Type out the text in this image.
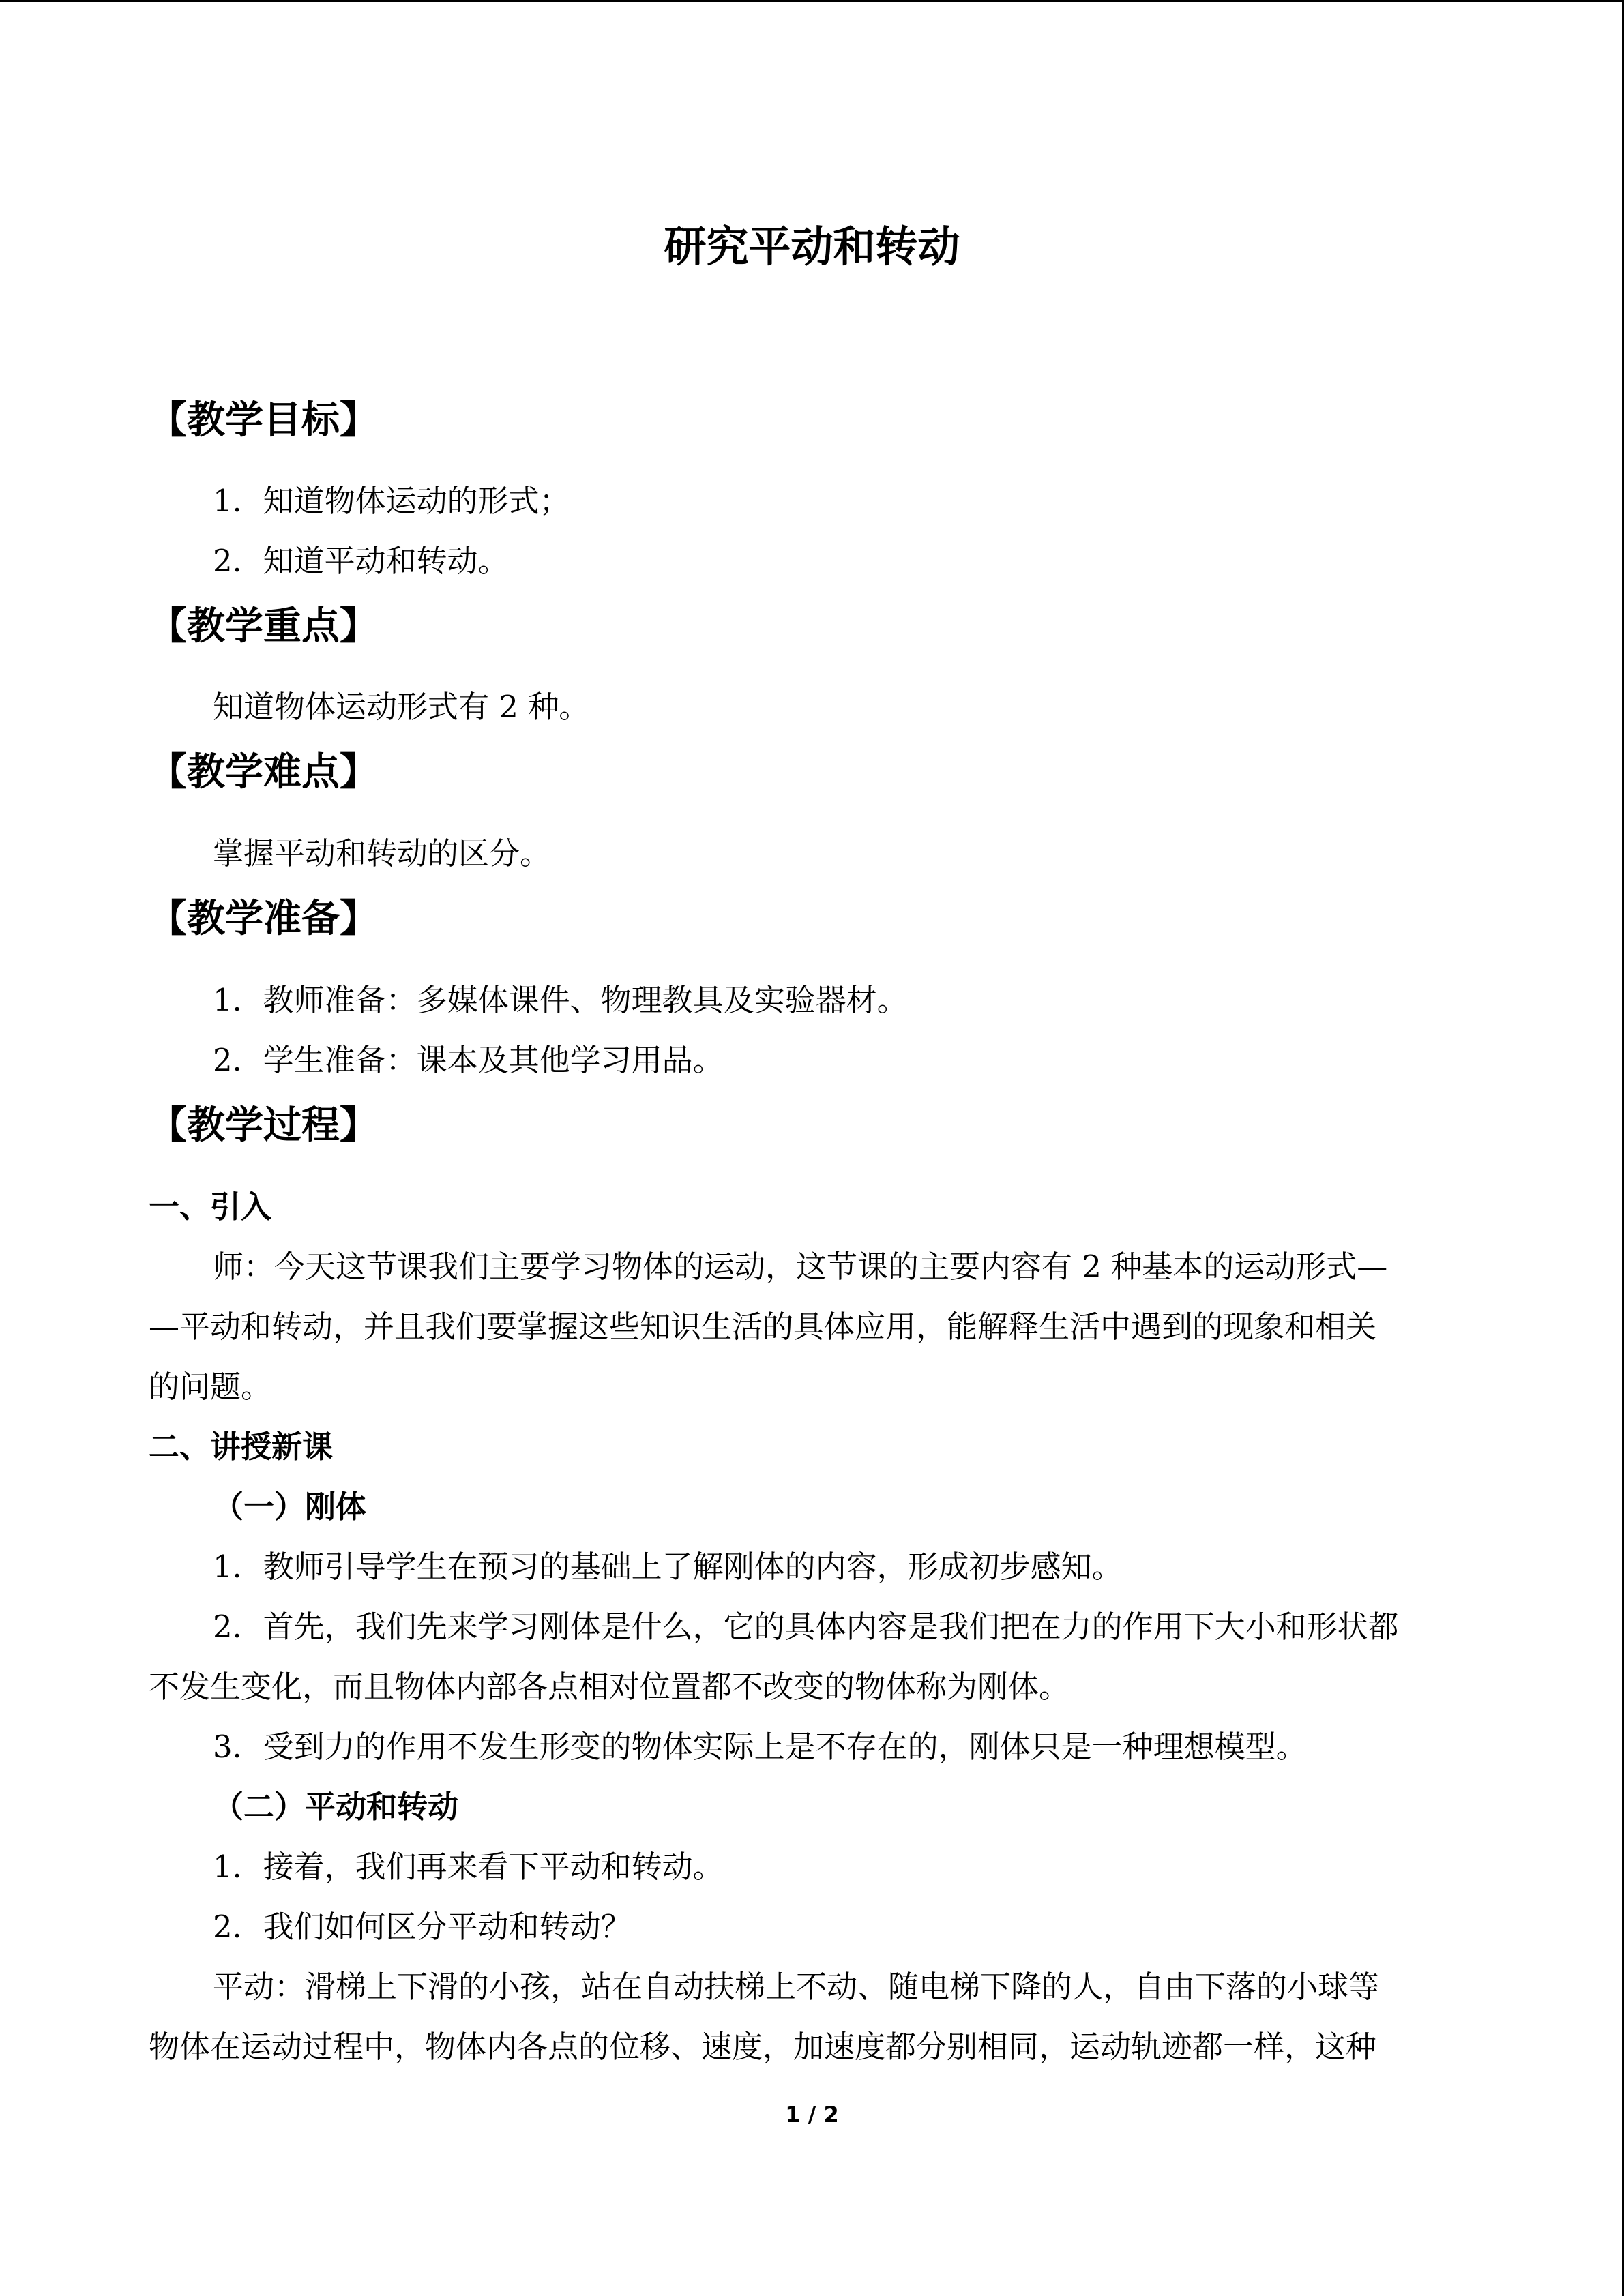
研究平动和转动
【教学目标】
1．知道物体运动的形式；
2．知道平动和转动。
【教学重点】
知道物体运动形式有 2 种。
【教学难点】
掌握平动和转动的区分。
【教学准备】
1．教师准备：多媒体课件、物理教具及实验器材。
2．学生准备：课本及其他学习用品。
【教学过程】
一、引入
师：今天这节课我们主要学习物体的运动，这节课的主要内容有 2 种基本的运动形式—
—平动和转动，并且我们要掌握这些知识生活的具体应用，能解释生活中遇到的现象和相关
的问题。
二、讲授新课
（一）刚体
1．教师引导学生在预习的基础上了解刚体的内容，形成初步感知。
2．首先，我们先来学习刚体是什么，它的具体内容是我们把在力的作用下大小和形状都
不发生变化，而且物体内部各点相对位置都不改变的物体称为刚体。
3．受到力的作用不发生形变的物体实际上是不存在的，刚体只是一种理想模型。
（二）平动和转动
1．接着，我们再来看下平动和转动。
2．我们如何区分平动和转动？
平动：滑梯上下滑的小孩，站在自动扶梯上不动、随电梯下降的人，自由下落的小球等
物体在运动过程中，物体内各点的位移、速度，加速度都分别相同，运动轨迹都一样，这种
1 / 2
